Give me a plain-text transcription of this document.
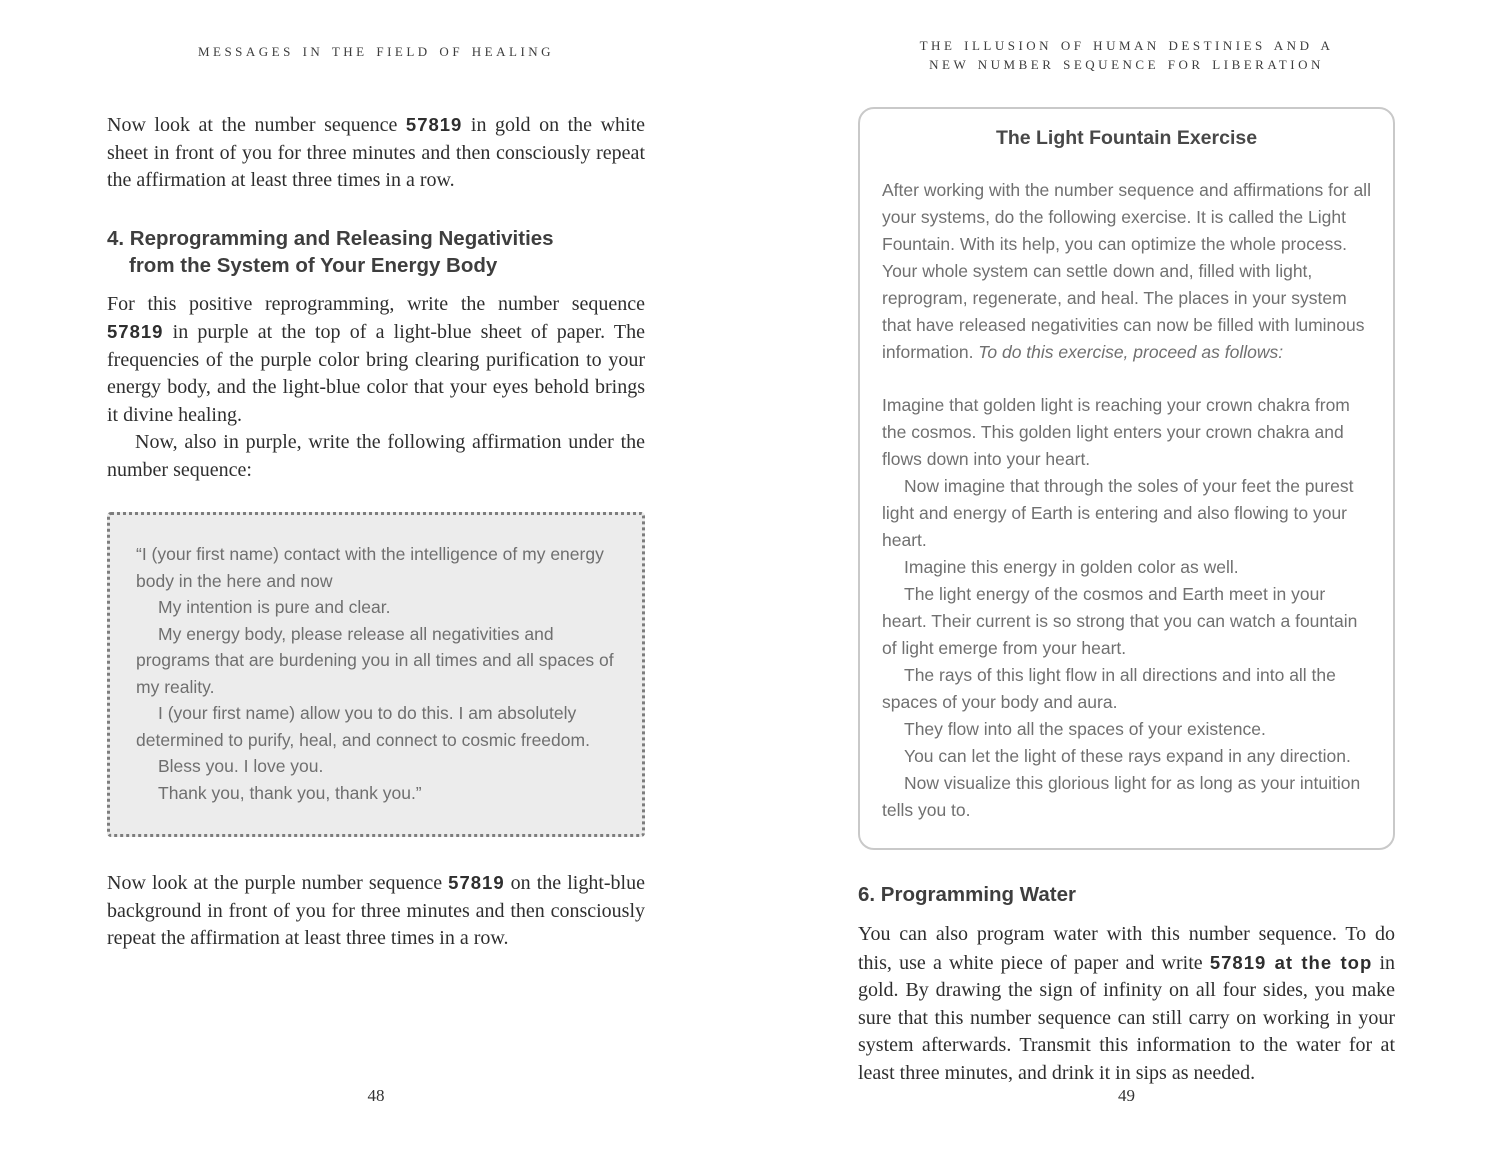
MESSAGES IN THE FIELD OF HEALING

Now look at the number sequence 57819 in gold on the white sheet in front of you for three minutes and then consciously repeat the affirmation at least three times in a row.

4. Reprogramming and Releasing Negativities
from the System of Your Energy Body

For this positive reprogramming, write the number sequence 57819 in purple at the top of a light-blue sheet of paper. The frequencies of the purple color bring clearing purification to your energy body, and the light-blue color that your eyes behold brings it divine healing.

Now, also in purple, write the following affirmation under the number sequence:

“I (your first name) contact with the intelligence of my energy body in the here and now

My intention is pure and clear.

My energy body, please release all negativities and programs that are burdening you in all times and all spaces of my reality.

I (your first name) allow you to do this. I am absolutely determined to purify, heal, and connect to cosmic freedom.

Bless you. I love you.

Thank you, thank you, thank you.”

Now look at the purple number sequence 57819 on the light-blue background in front of you for three minutes and then consciously repeat the affirmation at least three times in a row.

THE ILLUSION OF HUMAN DESTINIES AND A
NEW NUMBER SEQUENCE FOR LIBERATION
The Light Fountain Exercise

After working with the number sequence and affirmations for all your systems, do the following exercise. It is called the Light Fountain. With its help, you can optimize the whole process. Your whole system can settle down and, filled with light, reprogram, regenerate, and heal. The places in your system that have released negativities can now be filled with luminous information. To do this exercise, proceed as follows:

Imagine that golden light is reaching your crown chakra from the cosmos. This golden light enters your crown chakra and flows down into your heart.

Now imagine that through the soles of your feet the purest light and energy of Earth is entering and also flowing to your heart.

Imagine this energy in golden color as well.

The light energy of the cosmos and Earth meet in your heart. Their current is so strong that you can watch a fountain of light emerge from your heart.

The rays of this light flow in all directions and into all the spaces of your body and aura.

They flow into all the spaces of your existence.

You can let the light of these rays expand in any direction.

Now visualize this glorious light for as long as your intuition tells you to.

6. Programming Water

You can also program water with this number sequence. To do this, use a white piece of paper and write 57819 at the top in gold. By drawing the sign of infinity on all four sides, you make sure that this number sequence can still carry on working in your system afterwards. Transmit this information to the water for at least three minutes, and drink it in sips as needed.

48	49
